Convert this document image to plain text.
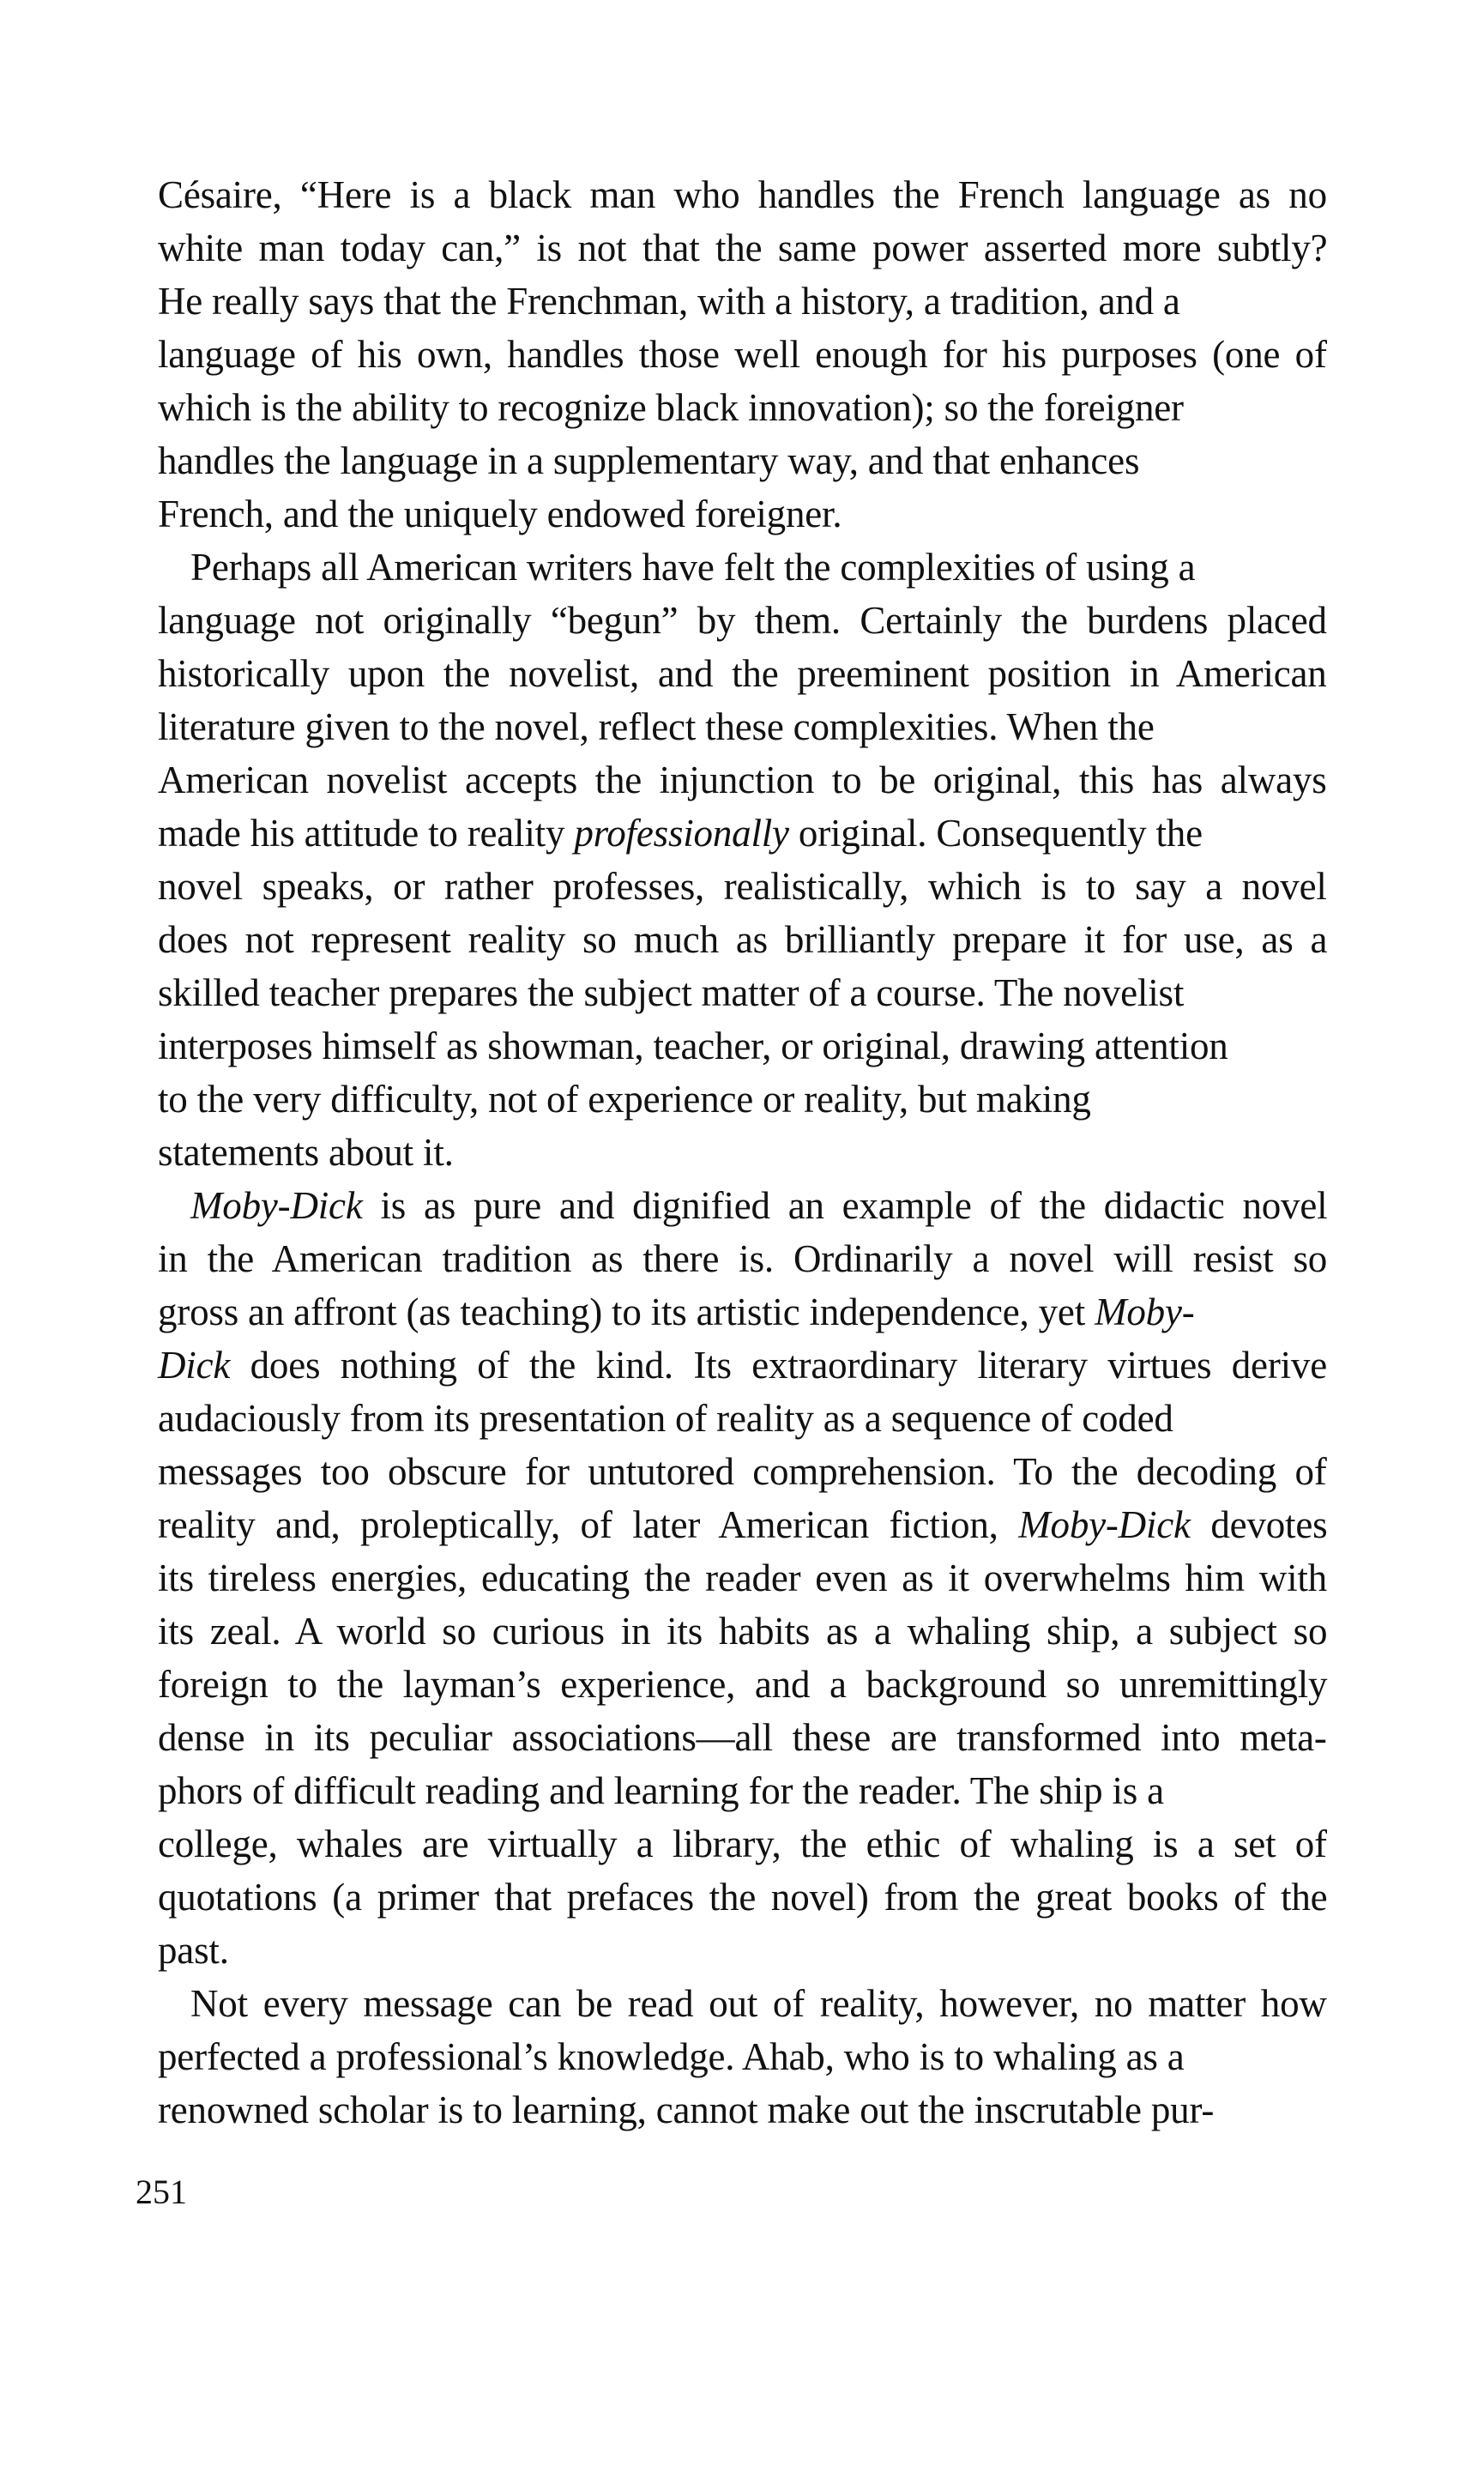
Césaire, “Here is a black man who handles the French language as no
white man today can,” is not that the same power asserted more subtly?
He really says that the Frenchman, with a history, a tradition, and a
language of his own, handles those well enough for his purposes (one of
which is the ability to recognize black innovation); so the foreigner
handles the language in a supplementary way, and that enhances
French, and the uniquely endowed foreigner.
Perhaps all American writers have felt the complexities of using a
language not originally “begun” by them. Certainly the burdens placed
historically upon the novelist, and the preeminent position in American
literature given to the novel, reflect these complexities. When the
American novelist accepts the injunction to be original, this has always
made his attitude to reality professionally original. Consequently the
novel speaks, or rather professes, realistically, which is to say a novel
does not represent reality so much as brilliantly prepare it for use, as a
skilled teacher prepares the subject matter of a course. The novelist
interposes himself as showman, teacher, or original, drawing attention
to the very difficulty, not of experience or reality, but making
statements about it.
Moby-Dick is as pure and dignified an example of the didactic novel
in the American tradition as there is. Ordinarily a novel will resist so
gross an affront (as teaching) to its artistic independence, yet Moby-
Dick does nothing of the kind. Its extraordinary literary virtues derive
audaciously from its presentation of reality as a sequence of coded
messages too obscure for untutored comprehension. To the decoding of
reality and, proleptically, of later American fiction, Moby-Dick devotes
its tireless energies, educating the reader even as it overwhelms him with
its zeal. A world so curious in its habits as a whaling ship, a subject so
foreign to the layman’s experience, and a background so unremittingly
dense in its peculiar associations—all these are transformed into meta-
phors of difficult reading and learning for the reader. The ship is a
college, whales are virtually a library, the ethic of whaling is a set of
quotations (a primer that prefaces the novel) from the great books of the
past.
Not every message can be read out of reality, however, no matter how
perfected a professional’s knowledge. Ahab, who is to whaling as a
renowned scholar is to learning, cannot make out the inscrutable pur-
251
